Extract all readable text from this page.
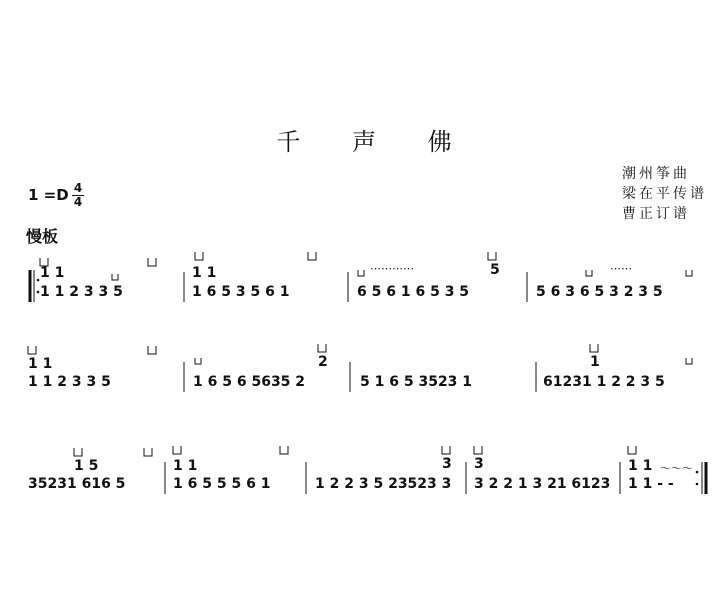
千 声 佛
潮州筝曲
梁在平传谱
曹正订谱
1 =D 4
4
慢板
1 1
1 1 2 3 3 5
1 1
1 6 5 3 5 6 1
5
6 5 6 1 6 5 3 5	5 6 3 6 5 3 2 3 5
⋯⋯⋯⋯	⋯⋯
1 1
1 1 2 3 3 5
2
1 6 5 6 5635 2	5 1 6 5 3523 1
1
61231 1 2 2 3 5
1 5
35231 616 5
1 1
1 6 5 5 5 6 1
3
1 2 2 3 5 23523 3
3
3 2 2 1 3 21 6123
1 1
1 1 - -
〜〜〜
